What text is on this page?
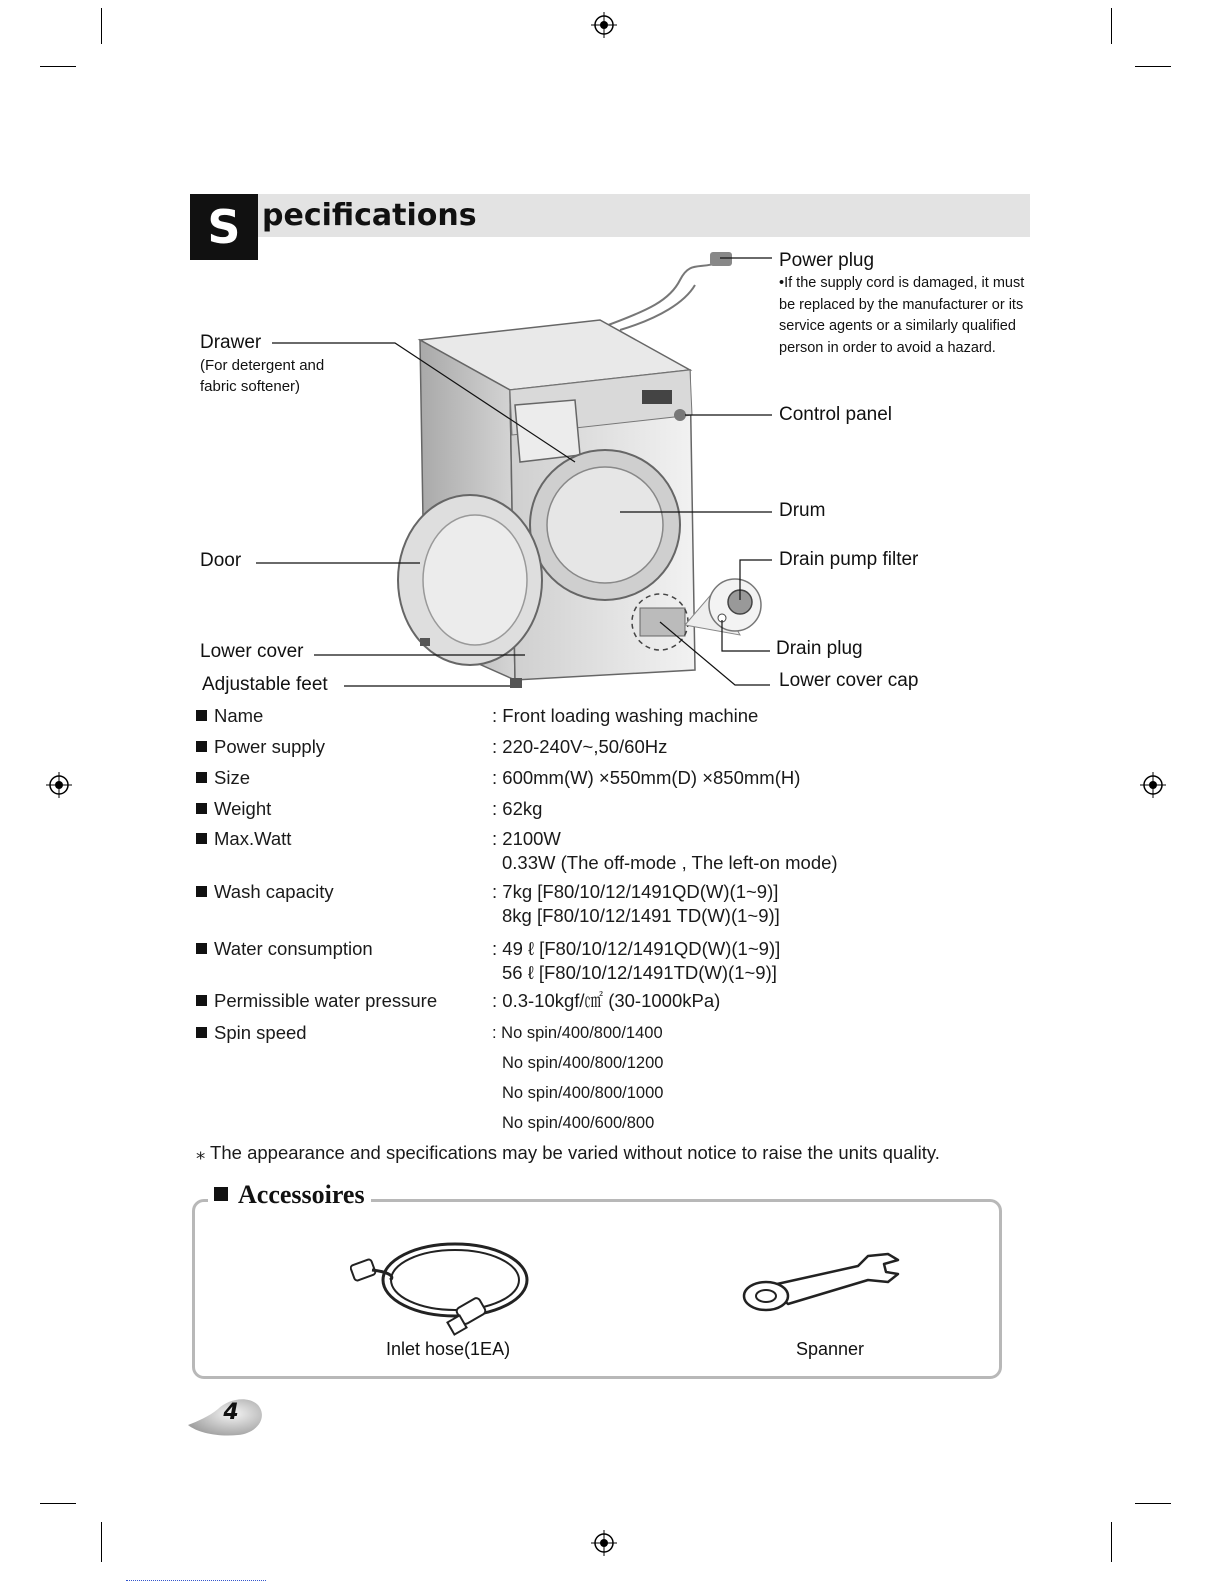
S pecifications
Power plug
•If the supply cord is damaged, it must be replaced by the manufacturer or its service agents or a similarly qualified person in order to avoid a hazard.
Drawer
(For detergent and fabric softener)
Control panel
Drum
Drain pump filter
Door
Drain plug
Lower cover
Lower cover cap
Adjustable feet
Name	: Front loading washing machine
Power supply	: 220-240V~,50/60Hz
Size	: 600mm(W) ×550mm(D) ×850mm(H)
Weight	: 62kg
Max.Watt	: 2100W
0.33W (The off-mode , The left-on mode)
Wash capacity	: 7kg [F80/10/12/1491QD(W)(1~9)]
8kg [F80/10/12/1491 TD(W)(1~9)]
Water consumption	: 49 ℓ [F80/10/12/1491QD(W)(1~9)]
56 ℓ [F80/10/12/1491TD(W)(1~9)]
Permissible water pressure	: 0.3-10kgf/㎠ (30-1000kPa)
Spin speed	: No spin/400/800/1400
No spin/400/800/1200
No spin/400/800/1000
No spin/400/600/800
⁎ The appearance and specifications may be varied without notice to raise the units quality.
Accessoires
Inlet hose(1EA)	Spanner
4
